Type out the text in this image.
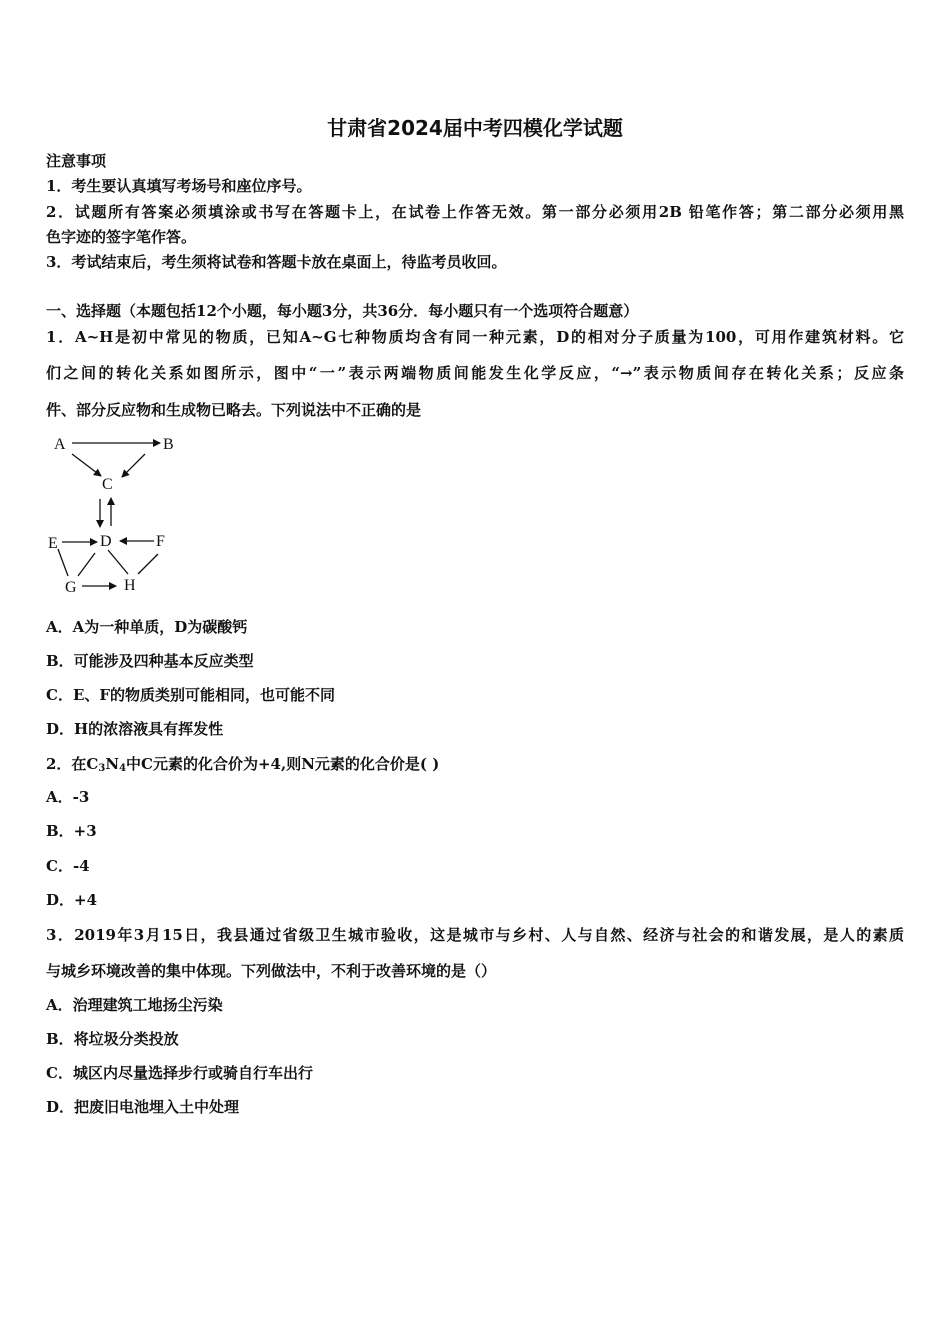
甘肃省2024届中考四模化学试题
注意事项
1．考生要认真填写考场号和座位序号。
2．试题所有答案必须填涂或书写在答题卡上，在试卷上作答无效。第一部分必须用2B 铅笔作答；第二部分必须用黑
色字迹的签字笔作答。
3．考试结束后，考生须将试卷和答题卡放在桌面上，待监考员收回。
一、选择题（本题包括12个小题，每小题3分，共36分．每小题只有一个选项符合题意）
1．A~H是初中常见的物质，已知A~G七种物质均含有同一种元素，D的相对分子质量为100，可用作建筑材料。它
们之间的转化关系如图所示，图中“一”表示两端物质间能发生化学反应，“→”表示物质间存在转化关系；反应条
件、部分反应物和生成物已略去。下列说法中不正确的是
A	B
C
D
E	F
G	H
A．A为一种单质，D为碳酸钙
B．可能涉及四种基本反应类型
C．E、F的物质类别可能相同，也可能不同
D．H的浓溶液具有挥发性
2．在$C_3N_4$中C元素的化合价为+4,则N元素的化合价是( )
A．-3
B．+3
C．-4
D．+4
3．2019年3月15日，我县通过省级卫生城市验收，这是城市与乡村、人与自然、经济与社会的和谐发展，是人的素质
与城乡环境改善的集中体现。下列做法中，不利于改善环境的是（）
A．治理建筑工地扬尘污染
B．将垃圾分类投放
C．城区内尽量选择步行或骑自行车出行
D．把废旧电池埋入土中处理
